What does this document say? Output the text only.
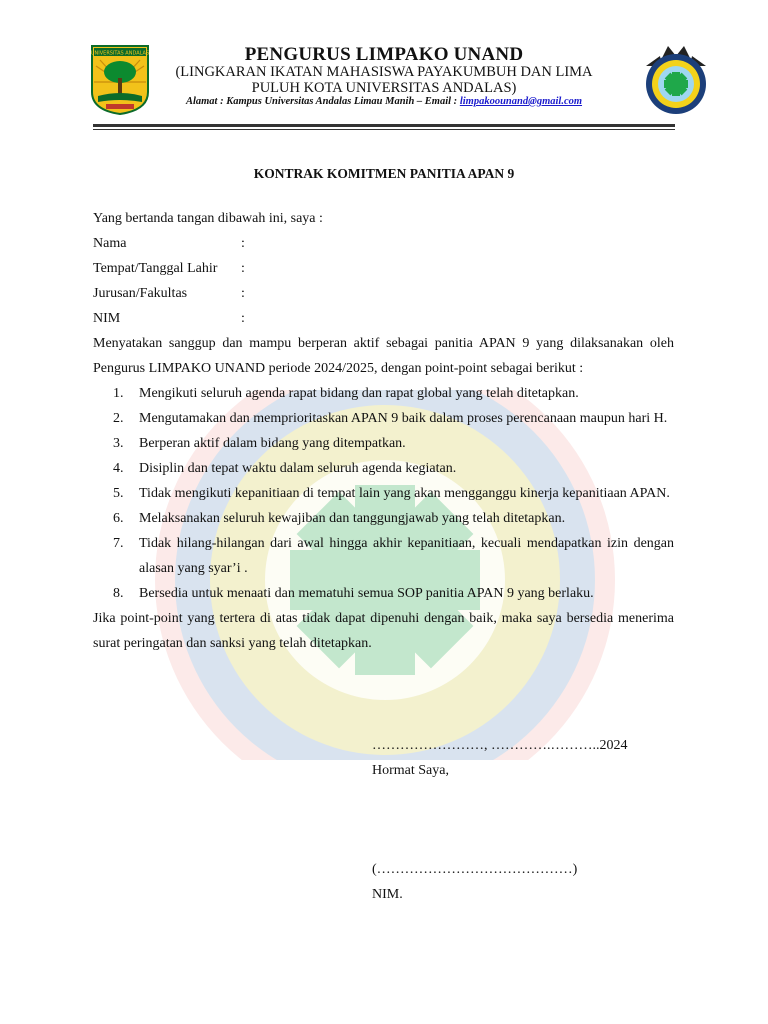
UNIVERSITAS ANDALAS	PENGURUS LIMPAKO UNAND
(LINGKARAN IKATAN MAHASISWA PAYAKUMBUH DAN LIMA
PULUH KOTA UNIVERSITAS ANDALAS)
Alamat : Kampus Universitas Andalas Limau Manih – Email : limpakoounand@gmail.com
KONTRAK KOMITMEN PANITIA APAN 9

Yang bertanda tangan dibawah ini, saya :

Nama	:
Tempat/Tanggal Lahir	:
Jurusan/Fakultas	:
NIM	:

Menyatakan sanggup dan mampu berperan aktif sebagai panitia APAN 9 yang dilaksanakan oleh Pengurus LIMPAKO UNAND periode 2024/2025, dengan point-point sebagai berikut :

1.	Mengikuti seluruh agenda rapat bidang dan rapat global yang telah ditetapkan.
2.	Mengutamakan dan memprioritaskan APAN 9 baik dalam proses perencanaan maupun hari H.
3.	Berperan aktif dalam bidang yang ditempatkan.
4.	Disiplin dan tepat waktu dalam seluruh agenda kegiatan.
5.	Tidak mengikuti kepanitiaan di tempat lain yang akan mengganggu kinerja kepanitiaan APAN.
6.	Melaksanakan seluruh kewajiban dan tanggungjawab yang telah ditetapkan.
7.	Tidak hilang-hilangan dari awal hingga akhir kepanitiaan, kecuali mendapatkan izin dengan alasan yang syar’i .
8.	Bersedia untuk menaati dan mematuhi semua SOP panitia APAN 9 yang berlaku.

Jika point-point yang tertera di atas tidak dapat dipenuhi dengan baik, maka saya bersedia menerima surat peringatan dan sanksi yang telah ditetapkan.

……………………, ………….………..2024
Hormat Saya,
(……………………………………)
NIM.
